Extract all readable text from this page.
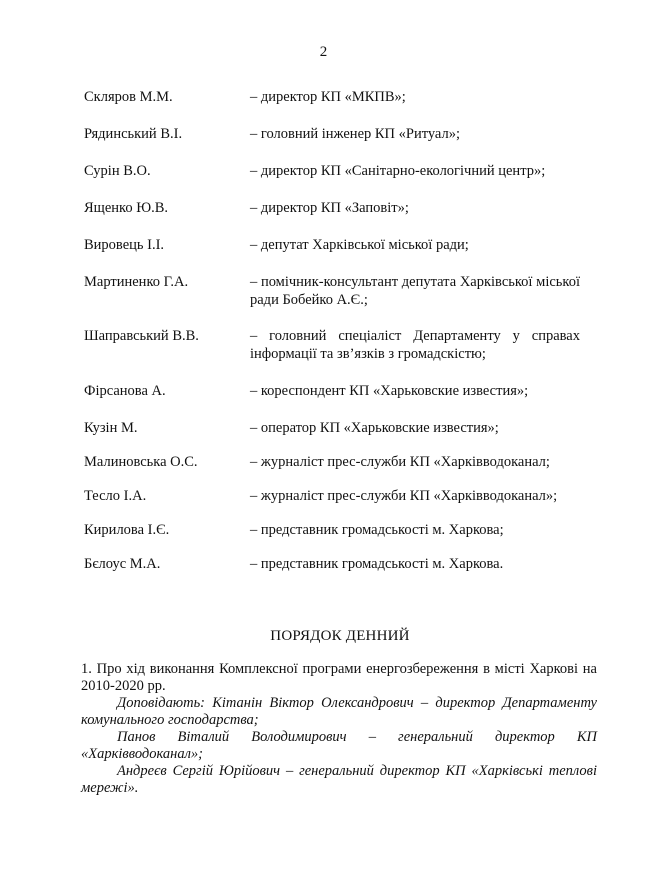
2
Скляров М.М.	– директор КП «МКПВ»;
Рядинський В.І.	– головний інженер КП «Ритуал»;
Сурін В.О.	– директор КП «Санітарно-екологічний центр»;
Ященко Ю.В.	– директор КП «Заповіт»;
Вировець І.І.	– депутат Харківської міської ради;
Мартиненко Г.А.	– помічник-консультант депутата Харківської міської ради Бобейко А.Є.;
Шаправський В.В.	– головний спеціаліст Департаменту у справах інформації та зв’язків з громадскістю;
Фірсанова А.	– кореспондент КП «Харьковские известия»;
Кузін М.	– оператор КП «Харьковские известия»;
Малиновська О.С.	– журналіст прес-служби КП «Харківводоканал;
Тесло І.А.	– журналіст прес-служби КП «Харківводоканал»;
Кирилова І.Є.	– представник громадськості м. Харкова;
Бєлоус М.А.	– представник громадськості м. Харкова.
ПОРЯДОК ДЕННИЙ

1. Про хід виконання Комплексної програми енергозбереження в місті Харкові на 2010-2020 рр.

Доповідають: Кітанін Віктор Олександрович – директор Департаменту комунального господарства;

Панов Віталий Володимирович – генеральний директор КП «Харківводоканал»;

Андреєв Сергій Юрійович – генеральний директор КП «Харківські теплові мережі».
